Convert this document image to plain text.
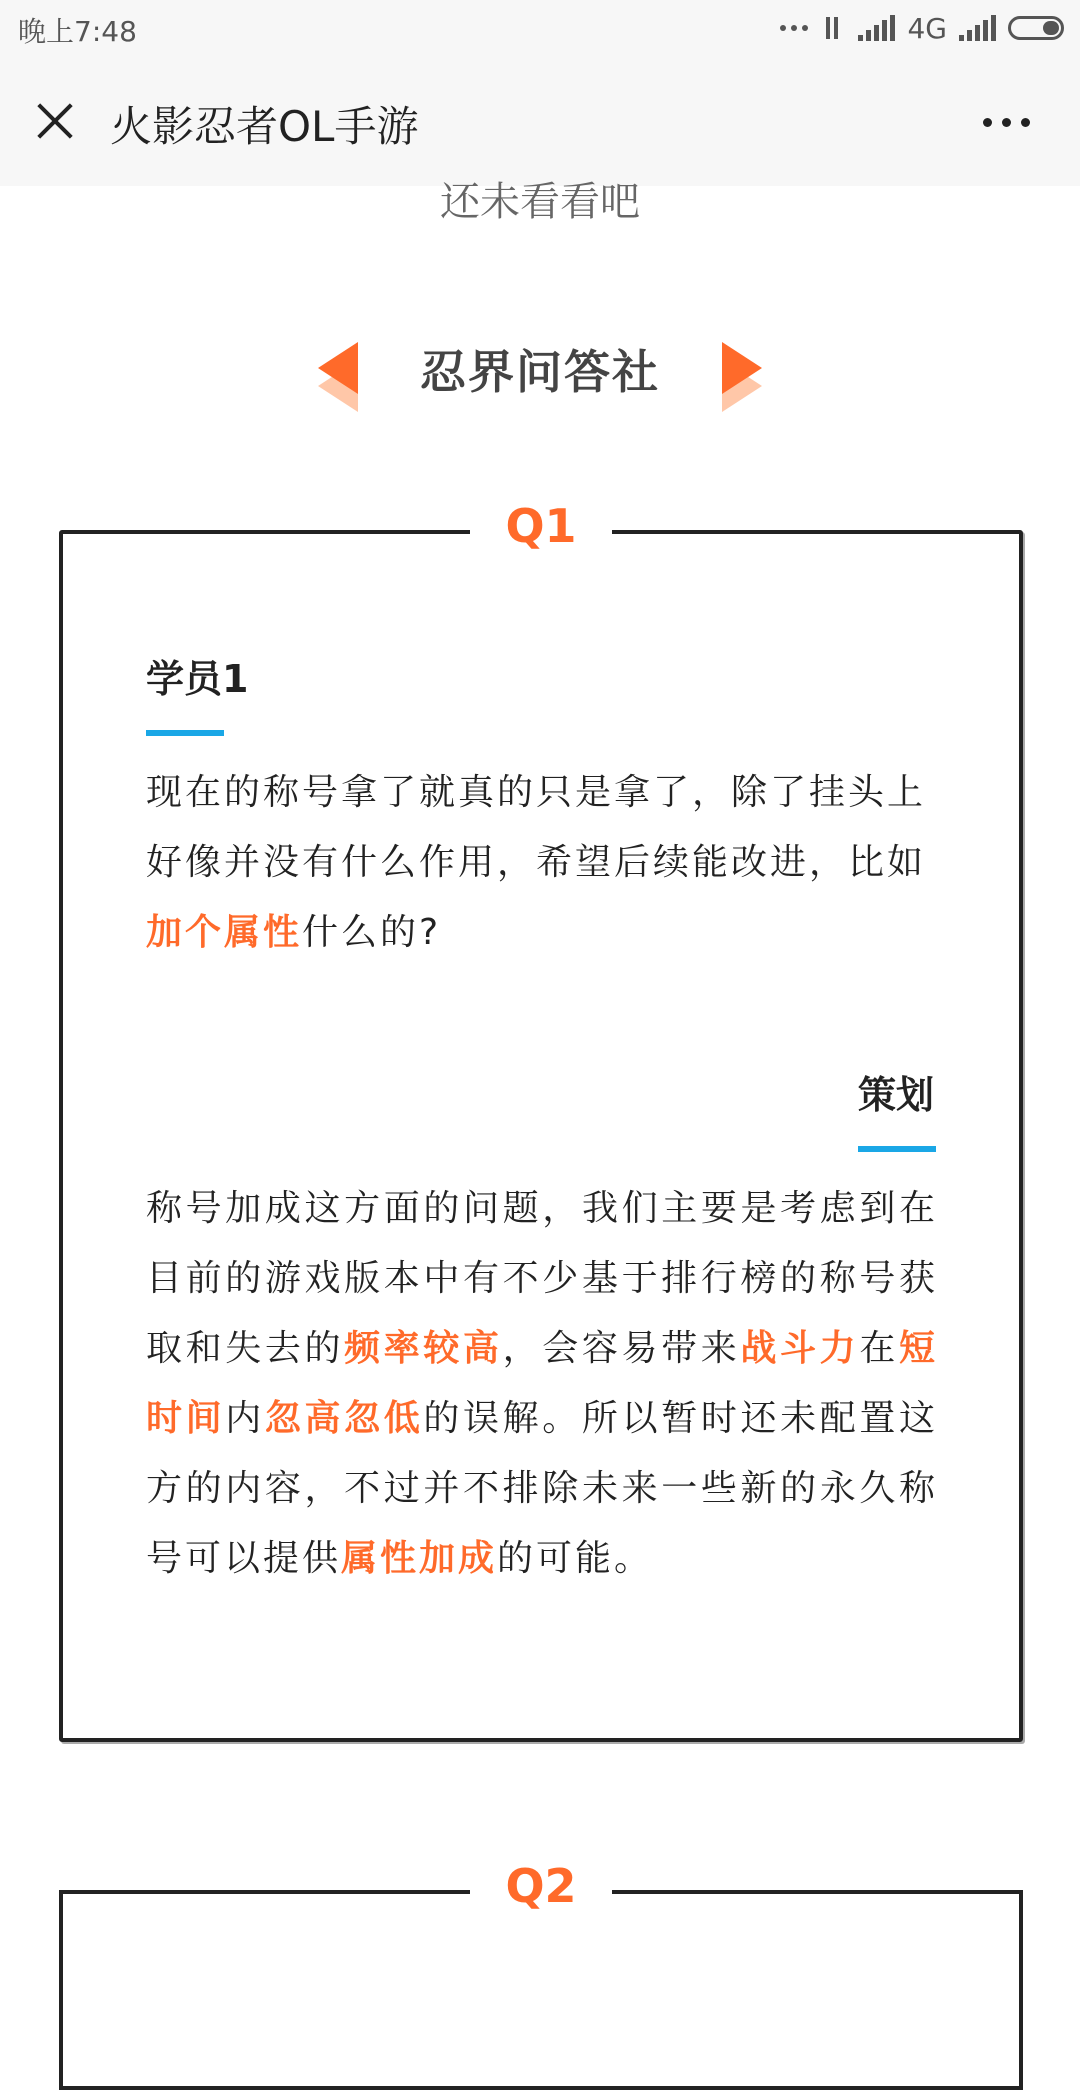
晚上7:48	4G
火影忍者OL手游
还未看看吧
忍界问答社
Q1
学员1
现在的称号拿了就真的只是拿了，除了挂头上好像并没有什么作用，希望后续能改进，比如加个属性什么的?
策划
称号加成这方面的问题，我们主要是考虑到在目前的游戏版本中有不少基于排行榜的称号获取和失去的频率较高，会容易带来战斗力在短时间内忽高忽低的误解。所以暂时还未配置这方的内容，不过并不排除未来一些新的永久称号可以提供属性加成的可能。
Q2
